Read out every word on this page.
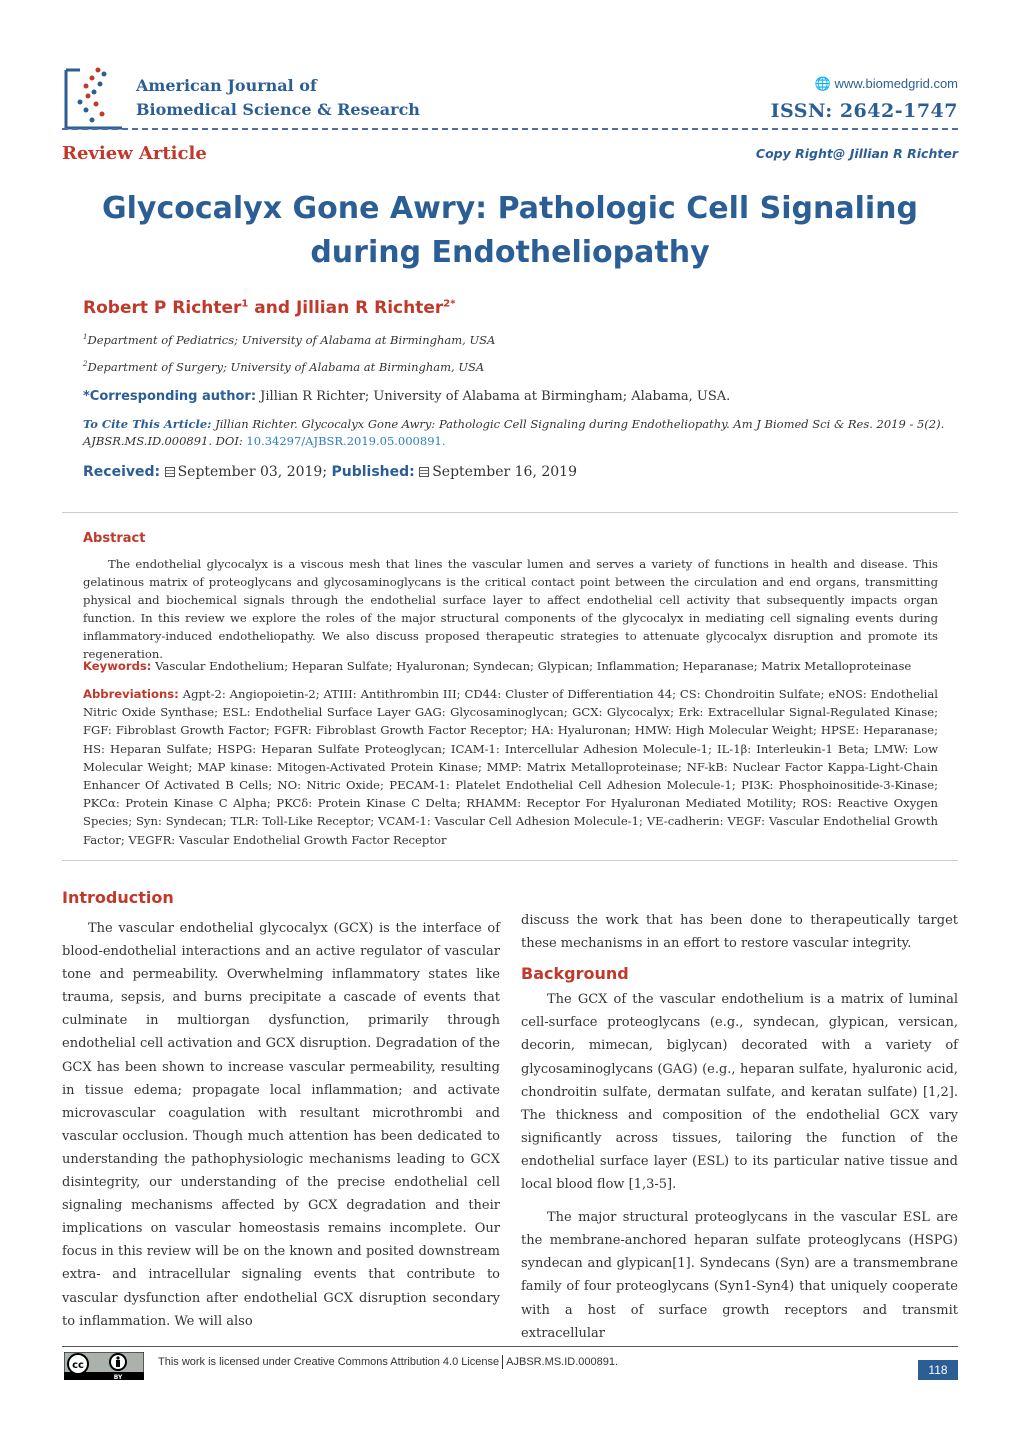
American Journal of
Biomedical Science & Research
🌐 www.biomedgrid.com
ISSN: 2642-1747
Review Article	Copy Right@ Jillian R Richter
Glycocalyx Gone Awry: Pathologic Cell Signaling
during Endotheliopathy
Robert P Richter$^1$ and Jillian R Richter$^{2*}$
$^1$Department of Pediatrics; University of Alabama at Birmingham, USA
$^2$Department of Surgery; University of Alabama at Birmingham, USA
*Corresponding author: Jillian R Richter; University of Alabama at Birmingham; Alabama, USA.
To Cite This Article: Jillian Richter. Glycocalyx Gone Awry: Pathologic Cell Signaling during Endotheliopathy. Am J Biomed Sci & Res. 2019 - 5(2). AJBSR.MS.ID.000891. DOI: 10.34297/AJBSR.2019.05.000891.
Received: September 03, 2019; Published: September 16, 2019
Abstract
The endothelial glycocalyx is a viscous mesh that lines the vascular lumen and serves a variety of functions in health and disease. This gelatinous matrix of proteoglycans and glycosaminoglycans is the critical contact point between the circulation and end organs, transmitting physical and biochemical signals through the endothelial surface layer to affect endothelial cell activity that subsequently impacts organ function. In this review we explore the roles of the major structural components of the glycocalyx in mediating cell signaling events during inflammatory-induced endotheliopathy. We also discuss proposed therapeutic strategies to attenuate glycocalyx disruption and promote its regeneration.
Keywords: Vascular Endothelium; Heparan Sulfate; Hyaluronan; Syndecan; Glypican; Inflammation; Heparanase; Matrix Metalloproteinase
Abbreviations: Agpt-2: Angiopoietin-2; ATIII: Antithrombin III; CD44: Cluster of Differentiation 44; CS: Chondroitin Sulfate; eNOS: Endothelial Nitric Oxide Synthase; ESL: Endothelial Surface Layer GAG: Glycosaminoglycan; GCX: Glycocalyx; Erk: Extracellular Signal-Regulated Kinase; FGF: Fibroblast Growth Factor; FGFR: Fibroblast Growth Factor Receptor; HA: Hyaluronan; HMW: High Molecular Weight; HPSE: Heparanase; HS: Heparan Sulfate; HSPG: Heparan Sulfate Proteoglycan; ICAM-1: Intercellular Adhesion Molecule-1; IL-1β: Interleukin-1 Beta; LMW: Low Molecular Weight; MAP kinase: Mitogen-Activated Protein Kinase; MMP: Matrix Metalloproteinase; NF-kB: Nuclear Factor Kappa-Light-Chain Enhancer Of Activated B Cells; NO: Nitric Oxide; PECAM-1: Platelet Endothelial Cell Adhesion Molecule-1; PI3K: Phosphoinositide-3-Kinase; PKCα: Protein Kinase C Alpha; PKCδ: Protein Kinase C Delta; RHAMM: Receptor For Hyaluronan Mediated Motility; ROS: Reactive Oxygen Species; Syn: Syndecan; TLR: Toll-Like Receptor; VCAM-1: Vascular Cell Adhesion Molecule-1; VE-cadherin: VEGF: Vascular Endothelial Growth Factor; VEGFR: Vascular Endothelial Growth Factor Receptor
Introduction

The vascular endothelial glycocalyx (GCX) is the interface of blood-endothelial interactions and an active regulator of vascular tone and permeability. Overwhelming inflammatory states like trauma, sepsis, and burns precipitate a cascade of events that culminate in multiorgan dysfunction, primarily through endothelial cell activation and GCX disruption. Degradation of the GCX has been shown to increase vascular permeability, resulting in tissue edema; propagate local inflammation; and activate microvascular coagulation with resultant microthrombi and vascular occlusion. Though much attention has been dedicated to understanding the pathophysiologic mechanisms leading to GCX disintegrity, our understanding of the precise endothelial cell signaling mechanisms affected by GCX degradation and their implications on vascular homeostasis remains incomplete. Our focus in this review will be on the known and posited downstream extra- and intracellular signaling events that contribute to vascular dysfunction after endothelial GCX disruption secondary to inflammation. We will also

discuss the work that has been done to therapeutically target these mechanisms in an effort to restore vascular integrity.

Background

The GCX of the vascular endothelium is a matrix of luminal cell-surface proteoglycans (e.g., syndecan, glypican, versican, decorin, mimecan, biglycan) decorated with a variety of glycosaminoglycans (GAG) (e.g., heparan sulfate, hyaluronic acid, chondroitin sulfate, dermatan sulfate, and keratan sulfate) [1,2]. The thickness and composition of the endothelial GCX vary significantly across tissues, tailoring the function of the endothelial surface layer (ESL) to its particular native tissue and local blood flow [1,3-5].

The major structural proteoglycans in the vascular ESL are the membrane-anchored heparan sulfate proteoglycans (HSPG) syndecan and glypican[1]. Syndecans (Syn) are a transmembrane family of four proteoglycans (Syn1-Syn4) that uniquely cooperate with a host of surface growth receptors and transmit extracellular

cc
BY
This work is licensed under Creative Commons Attribution 4.0 License AJBSR.MS.ID.000891.
118
